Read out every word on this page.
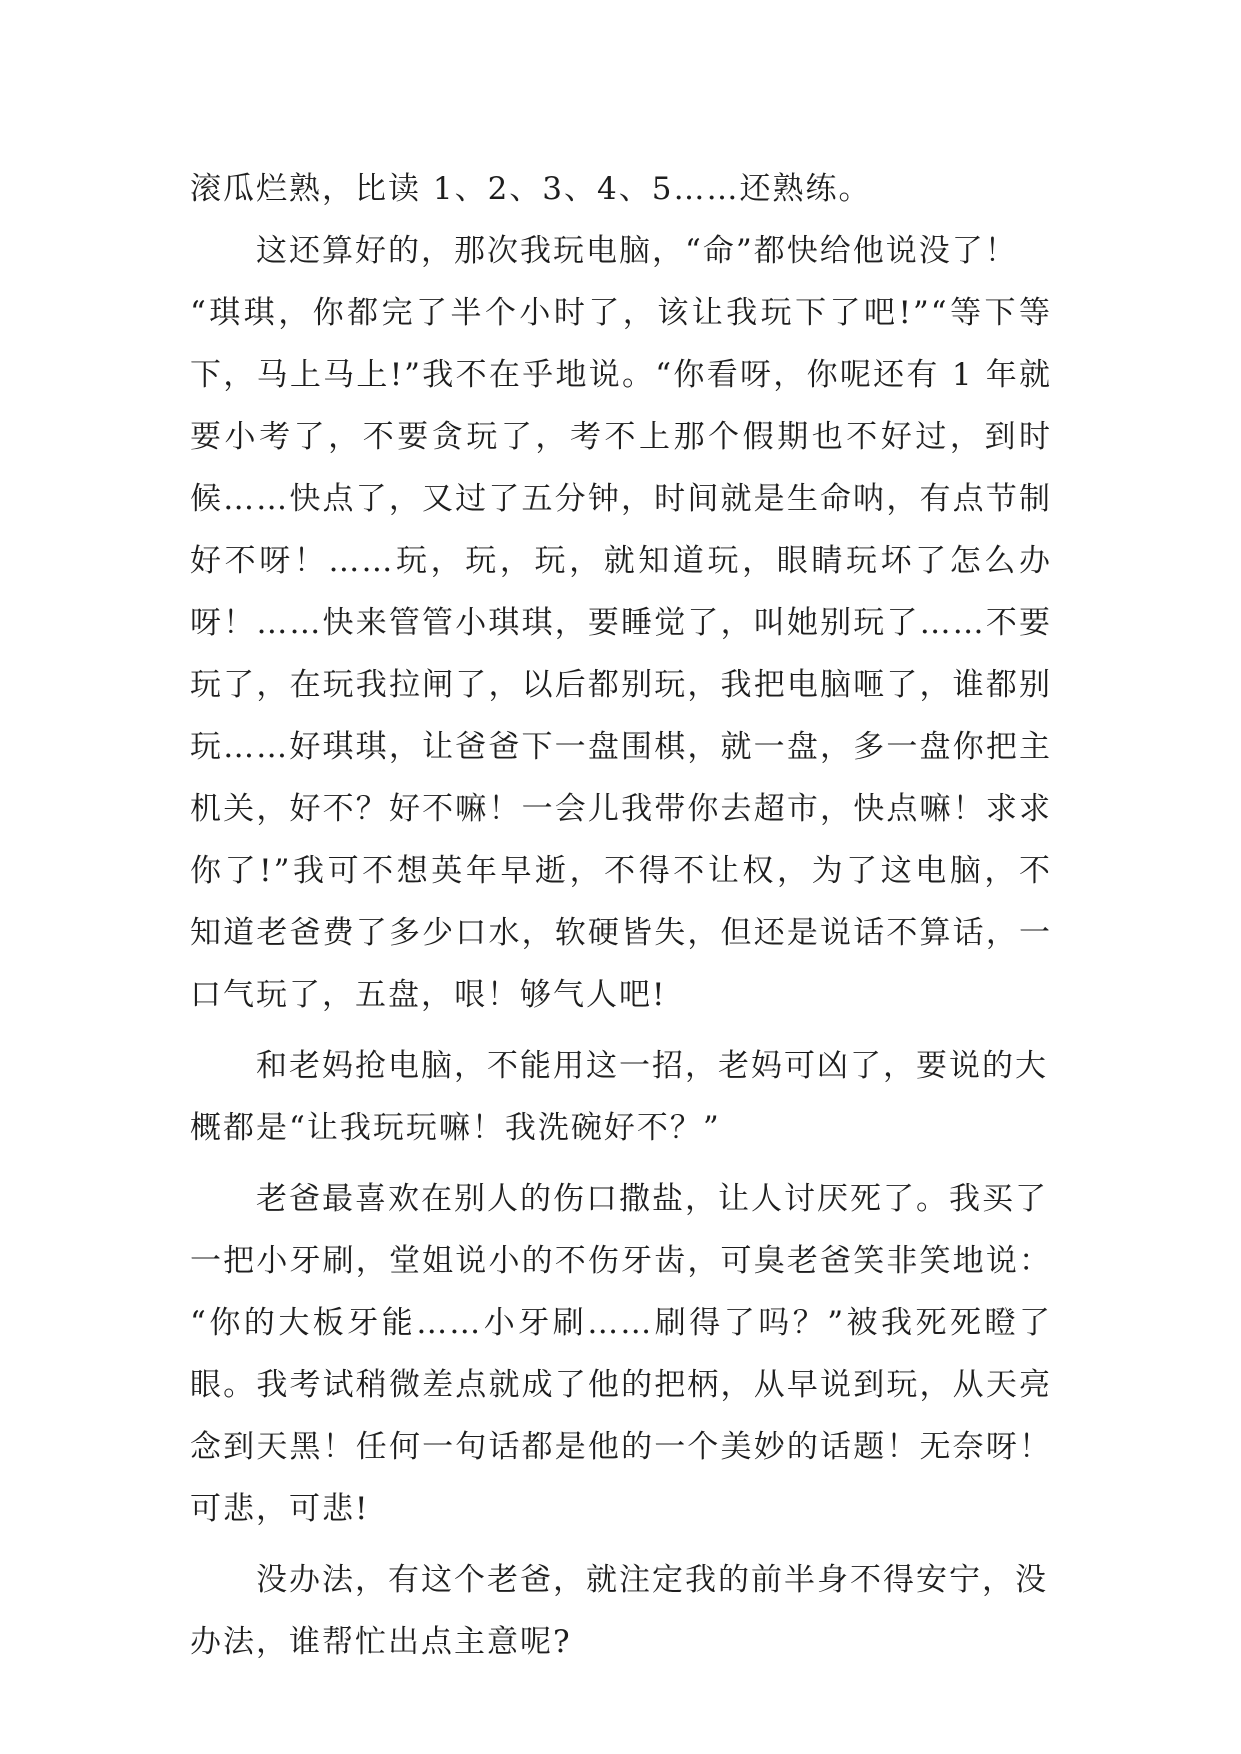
滚瓜烂熟，比读 1、2、3、4、5……还熟练。
　　这还算好的，那次我玩电脑，“命”都快给他说没了！
“琪琪，你都完了半个小时了，该让我玩下了吧!”“等下等
下，马上马上!”我不在乎地说。“你看呀，你呢还有 1 年就
要小考了，不要贪玩了，考不上那个假期也不好过，到时
候……快点了，又过了五分钟，时间就是生命呐，有点节制
好不呀！……玩，玩，玩，就知道玩，眼睛玩坏了怎么办
呀！……快来管管小琪琪，要睡觉了，叫她别玩了……不要
玩了，在玩我拉闸了，以后都别玩，我把电脑咂了，谁都别
玩……好琪琪，让爸爸下一盘围棋，就一盘，多一盘你把主
机关，好不？好不嘛！一会儿我带你去超市，快点嘛！求求
你了!”我可不想英年早逝，不得不让权，为了这电脑，不
知道老爸费了多少口水，软硬皆失，但还是说话不算话，一
口气玩了，五盘，哏！够气人吧!
　　和老妈抢电脑，不能用这一招，老妈可凶了，要说的大
概都是“让我玩玩嘛！我洗碗好不？”
　　老爸最喜欢在别人的伤口撒盐，让人讨厌死了。我买了
一把小牙刷，堂姐说小的不伤牙齿，可臭老爸笑非笑地说：
“你的大板牙能……小牙刷……刷得了吗？”被我死死瞪了
眼。我考试稍微差点就成了他的把柄，从早说到玩，从天亮
念到天黑！任何一句话都是他的一个美妙的话题！无奈呀！
可悲，可悲!
　　没办法，有这个老爸，就注定我的前半身不得安宁，没
办法，谁帮忙出点主意呢?
